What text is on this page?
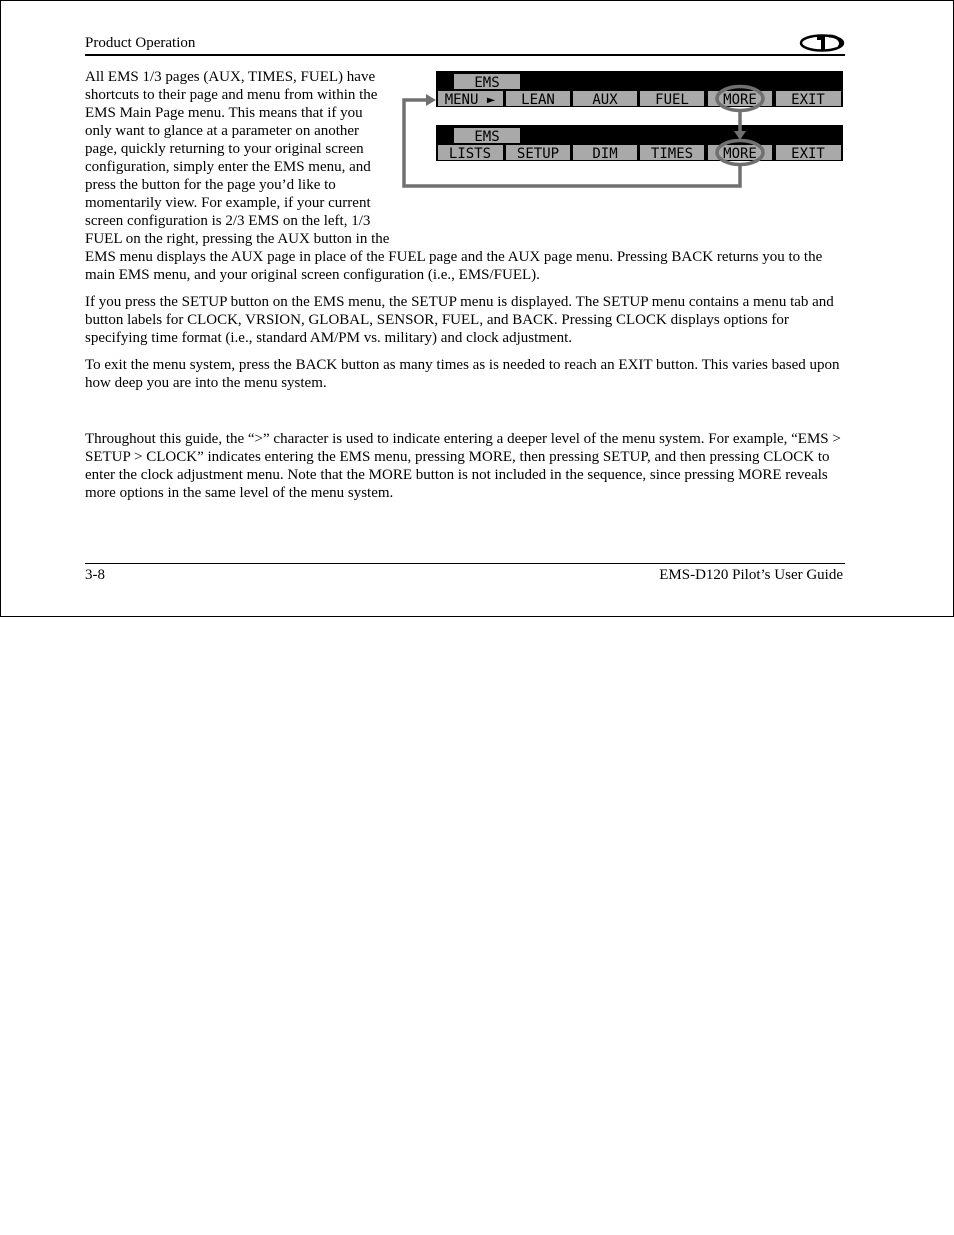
Product Operation

All EMS 1/3 pages (AUX, TIMES, FUEL) have shortcuts to their page and menu from within the EMS Main Page menu. This means that if you only want to glance at a parameter on another page, quickly returning to your original screen configuration, simply enter the EMS menu, and press the button for the page you’d like to momentarily view. For example, if your current screen configuration is 2/3 EMS on the left, 1/3 FUEL on the right, pressing the AUX button in the EMS menu displays the AUX page in place of the FUEL page and the AUX page menu. Pressing BACK returns you to the main EMS menu, and your original screen configuration (i.e., EMS/FUEL).

EMS
MENU ► LEAN	AUX	FUEL MORE EXIT
EMS
LISTS SETUP DIM TIMES MORE EXIT

If you press the SETUP button on the EMS menu, the SETUP menu is displayed. The SETUP menu contains a menu tab and button labels for CLOCK, VRSION, GLOBAL, SENSOR, FUEL, and BACK. Pressing CLOCK displays options for specifying time format (i.e., standard AM/PM vs. military) and clock adjustment.

To exit the menu system, press the BACK button as many times as is needed to reach an EXIT button. This varies based upon how deep you are into the menu system.

Throughout this guide, the “>” character is used to indicate entering a deeper level of the menu system. For example, “EMS > SETUP > CLOCK” indicates entering the EMS menu, pressing MORE, then pressing SETUP, and then pressing CLOCK to enter the clock adjustment menu. Note that the MORE button is not included in the sequence, since pressing MORE reveals more options in the same level of the menu system.

3-8	EMS-D120 Pilot’s User Guide
